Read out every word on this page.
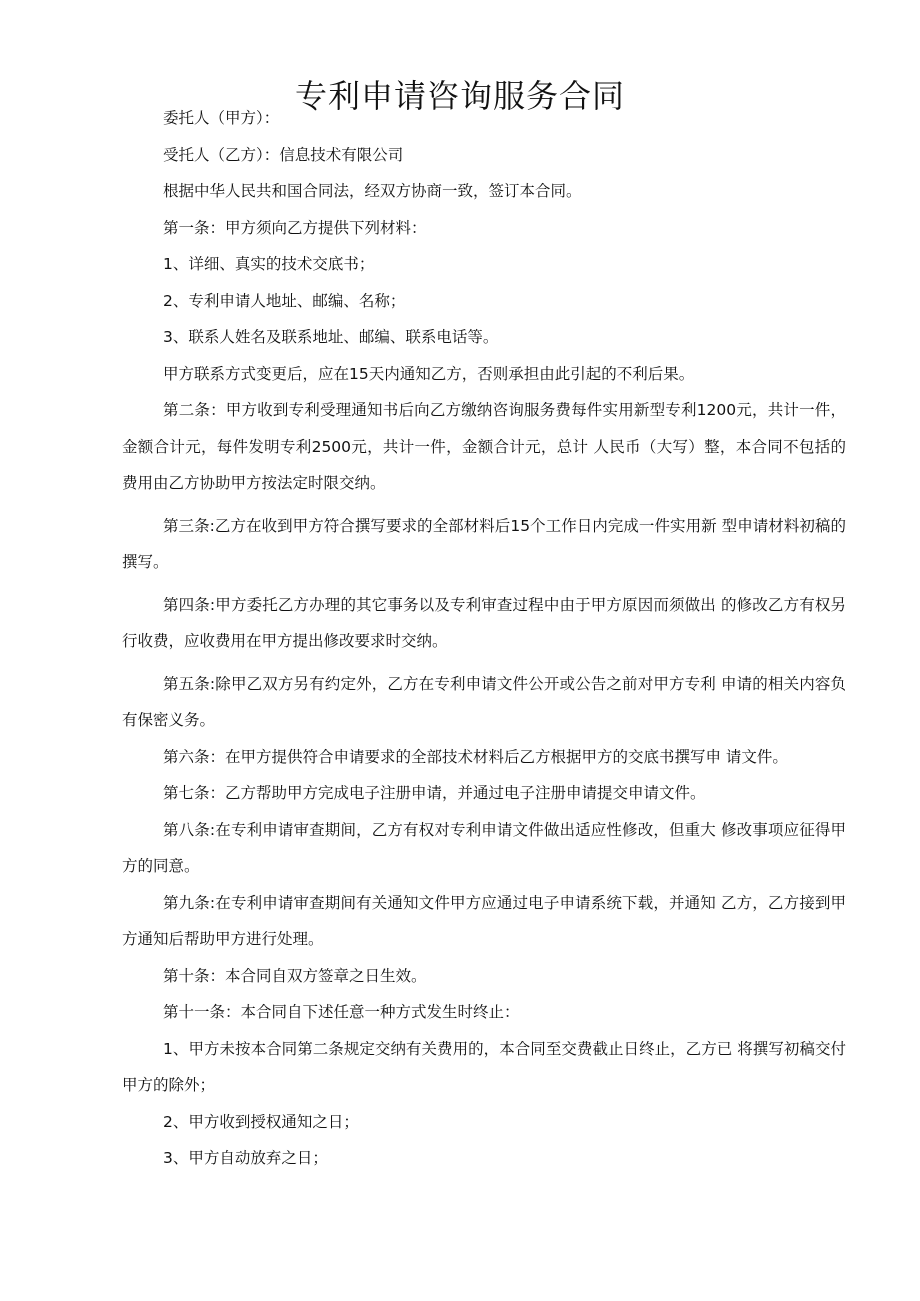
专利申请咨询服务合同

委托人（甲方）：

受托人（乙方）：信息技术有限公司

根据中华人民共和国合同法，经双方协商一致，签订本合同。

第一条：甲方须向乙方提供下列材料：

1、详细、真实的技术交底书；

2、专利申请人地址、邮编、名称；

3、联系人姓名及联系地址、邮编、联系电话等。

甲方联系方式变更后，应在15天内通知乙方，否则承担由此引起的不利后果。

第二条：甲方收到专利受理通知书后向乙方缴纳咨询服务费每件实用新型专利1200元，共计一件，金额合计元，每件发明专利2500元，共计一件，金额合计元，总计 人民币（大写）整，本合同不包括的费用由乙方协助甲方按法定时限交纳。

第三条:乙方在收到甲方符合撰写要求的全部材料后15个工作日内完成一件实用新 型申请材料初稿的撰写。

第四条:甲方委托乙方办理的其它事务以及专利审查过程中由于甲方原因而须做出 的修改乙方有权另行收费，应收费用在甲方提出修改要求时交纳。

第五条:除甲乙双方另有约定外，乙方在专利申请文件公开或公告之前对甲方专利 申请的相关内容负有保密义务。

第六条：在甲方提供符合申请要求的全部技术材料后乙方根据甲方的交底书撰写申 请文件。

第七条：乙方帮助甲方完成电子注册申请，并通过电子注册申请提交申请文件。

第八条:在专利申请审查期间，乙方有权对专利申请文件做出适应性修改，但重大 修改事项应征得甲方的同意。

第九条:在专利申请审查期间有关通知文件甲方应通过电子申请系统下载，并通知 乙方，乙方接到甲方通知后帮助甲方进行处理。

第十条：本合同自双方签章之日生效。

第十一条：本合同自下述任意一种方式发生时终止：

1、甲方未按本合同第二条规定交纳有关费用的，本合同至交费截止日终止，乙方已 将撰写初稿交付甲方的除外；

2、甲方收到授权通知之日；

3、甲方自动放弃之日；
